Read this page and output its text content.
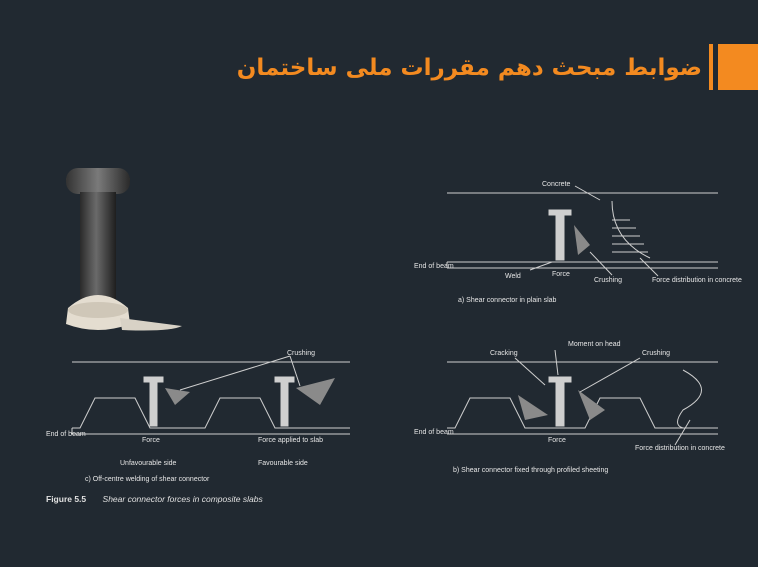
ضوابط مبحث دهم مقررات ملی ساختمان
Concrete
End of beam
Weld	Force
Crushing	Force distribution in concrete
a) Shear connector in plain slab
Cracking
Moment on head
Crushing
End of beam
Force
Force distribution in concrete
b) Shear connector fixed through profiled sheeting
Crushing
End of beam
Force	Force applied to slab
Unfavourable side	Favourable side
c) Off-centre welding of shear connector
Figure 5.5 Shear connector forces in composite slabs
